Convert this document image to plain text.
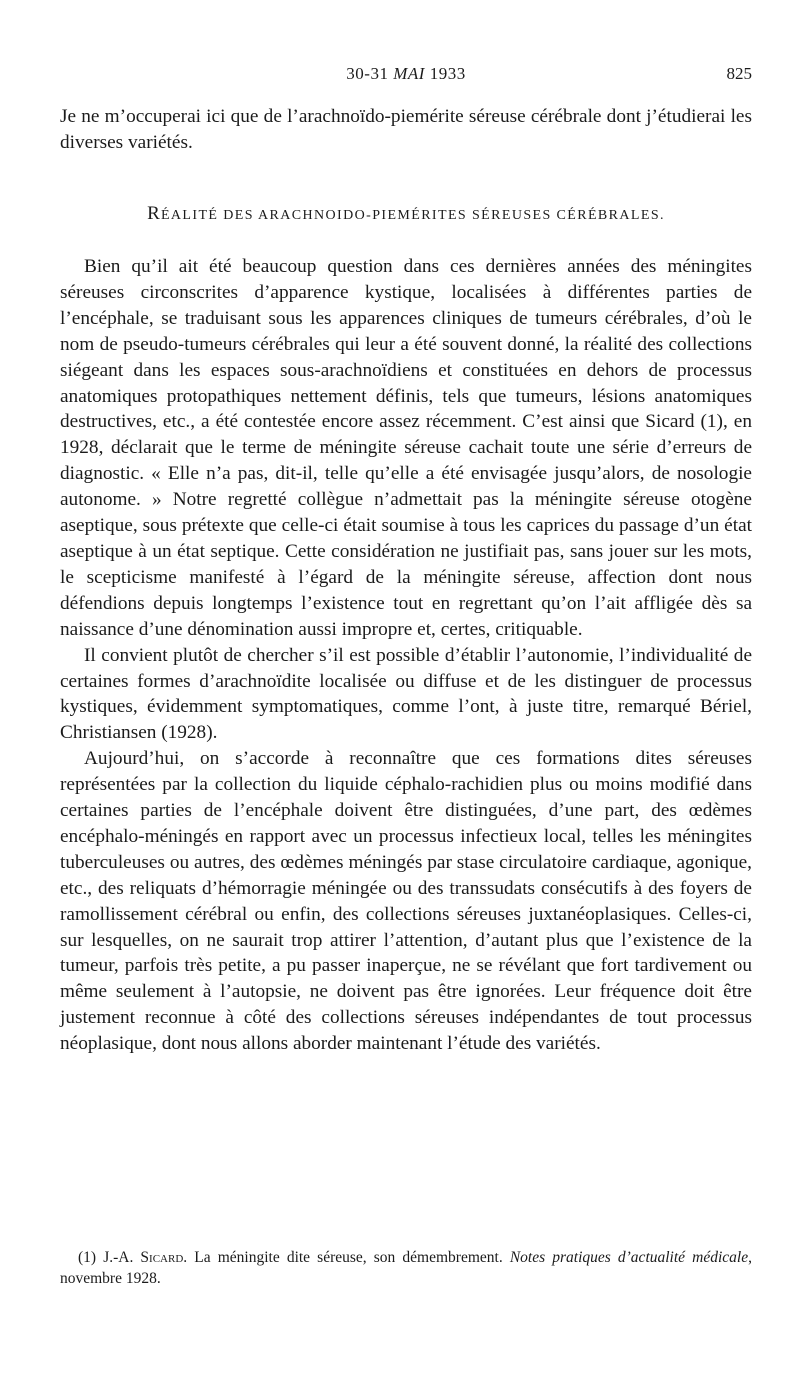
30-31 MAI 1933	825
Je ne m’occuperai ici que de l’arachnoïdo-piemérite séreuse cérébrale dont j’étudierai les diverses variétés.
RÉALITÉ DES ARACHNOIDO-PIEMÉRITES SÉREUSES CÉRÉBRALES.

Bien qu’il ait été beaucoup question dans ces dernières années des méningites séreuses circonscrites d’apparence kystique, localisées à différentes parties de l’encéphale, se traduisant sous les apparences cliniques de tumeurs cérébrales, d’où le nom de pseudo-tumeurs cérébrales qui leur a été souvent donné, la réalité des collections siégeant dans les espaces sous-arachnoïdiens et constituées en dehors de processus anatomiques protopathiques nettement définis, tels que tumeurs, lésions anatomiques destructives, etc., a été contestée encore assez récemment. C’est ainsi que Sicard (1), en 1928, déclarait que le terme de méningite séreuse cachait toute une série d’erreurs de diagnostic. « Elle n’a pas, dit-il, telle qu’elle a été envisagée jusqu’alors, de nosologie autonome. » Notre regretté collègue n’admettait pas la méningite séreuse otogène aseptique, sous prétexte que celle-ci était soumise à tous les caprices du passage d’un état aseptique à un état septique. Cette considération ne justifiait pas, sans jouer sur les mots, le scepticisme manifesté à l’égard de la méningite séreuse, affection dont nous défendions depuis longtemps l’existence tout en regrettant qu’on l’ait affligée dès sa naissance d’une dénomination aussi impropre et, certes, critiquable.

Il convient plutôt de chercher s’il est possible d’établir l’autonomie, l’individualité de certaines formes d’arachnoïdite localisée ou diffuse et de les distinguer de processus kystiques, évidemment symptomatiques, comme l’ont, à juste titre, remarqué Bériel, Christiansen (1928).

Aujourd’hui, on s’accorde à reconnaître que ces formations dites séreuses représentées par la collection du liquide céphalo-rachidien plus ou moins modifié dans certaines parties de l’encéphale doivent être distinguées, d’une part, des œdèmes encéphalo-méningés en rapport avec un processus infectieux local, telles les méningites tuberculeuses ou autres, des œdèmes méningés par stase circulatoire cardiaque, agonique, etc., des reliquats d’hémorragie méningée ou des transsudats consécutifs à des foyers de ramollissement cérébral ou enfin, des collections séreuses juxtanéoplasiques. Celles-ci, sur lesquelles, on ne saurait trop attirer l’attention, d’autant plus que l’existence de la tumeur, parfois très petite, a pu passer inaperçue, ne se révélant que fort tardivement ou même seulement à l’autopsie, ne doivent pas être ignorées. Leur fréquence doit être justement reconnue à côté des collections séreuses indépendantes de tout processus néoplasique, dont nous allons aborder maintenant l’étude des variétés.

(1) J.-A. Sicard. La méningite dite séreuse, son démembrement. Notes pratiques d’actualité médicale, novembre 1928.
